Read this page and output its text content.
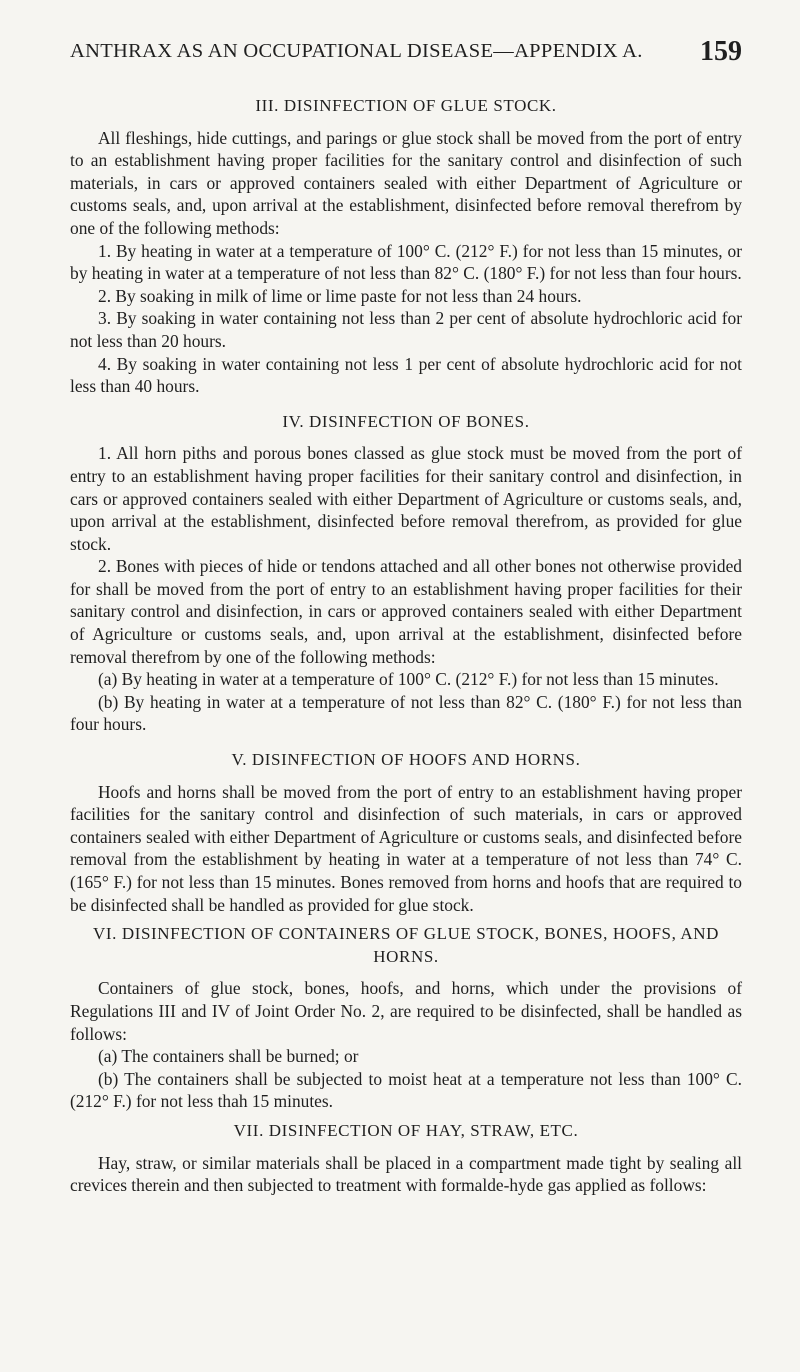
ANTHRAX AS AN OCCUPATIONAL DISEASE—APPENDIX A. 159
III. DISINFECTION OF GLUE STOCK.

All fleshings, hide cuttings, and parings or glue stock shall be moved from the port of entry to an establishment having proper facilities for the sanitary control and disinfection of such materials, in cars or approved containers sealed with either Department of Agriculture or customs seals, and, upon arrival at the establishment, disinfected before removal therefrom by one of the following methods:

1. By heating in water at a temperature of 100° C. (212° F.) for not less than 15 minutes, or by heating in water at a temperature of not less than 82° C. (180° F.) for not less than four hours.

2. By soaking in milk of lime or lime paste for not less than 24 hours.

3. By soaking in water containing not less than 2 per cent of absolute hydrochloric acid for not less than 20 hours.

4. By soaking in water containing not less 1 per cent of absolute hydrochloric acid for not less than 40 hours.

IV. DISINFECTION OF BONES.

1. All horn piths and porous bones classed as glue stock must be moved from the port of entry to an establishment having proper facilities for their sanitary control and disinfection, in cars or approved containers sealed with either Department of Agriculture or customs seals, and, upon arrival at the establishment, disinfected before removal therefrom, as provided for glue stock.

2. Bones with pieces of hide or tendons attached and all other bones not otherwise provided for shall be moved from the port of entry to an establishment having proper facilities for their sanitary control and disinfection, in cars or approved containers sealed with either Department of Agriculture or customs seals, and, upon arrival at the establishment, disinfected before removal therefrom by one of the following methods:

(a) By heating in water at a temperature of 100° C. (212° F.) for not less than 15 minutes.

(b) By heating in water at a temperature of not less than 82° C. (180° F.) for not less than four hours.

V. DISINFECTION OF HOOFS AND HORNS.

Hoofs and horns shall be moved from the port of entry to an establishment having proper facilities for the sanitary control and disinfection of such materials, in cars or approved containers sealed with either Department of Agriculture or customs seals, and disinfected before removal from the establishment by heating in water at a temperature of not less than 74° C. (165° F.) for not less than 15 minutes. Bones removed from horns and hoofs that are required to be disinfected shall be handled as provided for glue stock.

VI. DISINFECTION OF CONTAINERS OF GLUE STOCK, BONES, HOOFS, AND HORNS.

Containers of glue stock, bones, hoofs, and horns, which under the provisions of Regulations III and IV of Joint Order No. 2, are required to be disinfected, shall be handled as follows:

(a) The containers shall be burned; or

(b) The containers shall be subjected to moist heat at a temperature not less than 100° C. (212° F.) for not less thah 15 minutes.

VII. DISINFECTION OF HAY, STRAW, ETC.

Hay, straw, or similar materials shall be placed in a compartment made tight by sealing all crevices therein and then subjected to treatment with formalde-hyde gas applied as follows:
